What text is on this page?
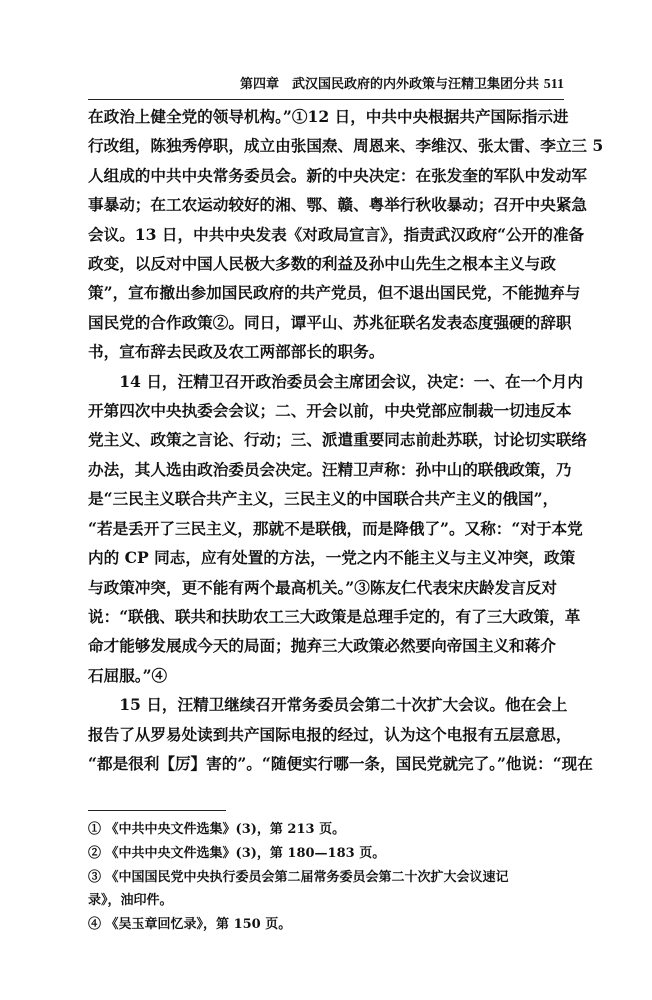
第四章　武汉国民政府的内外政策与汪精卫集团分共 511

在政治上健全党的领导机构。”①12 日，中共中央根据共产国际指示进
行改组，陈独秀停职，成立由张国焘、周恩来、李维汉、张太雷、李立三 5
人组成的中共中央常务委员会。新的中央决定：在张发奎的军队中发动军
事暴动；在工农运动较好的湘、鄂、赣、粤举行秋收暴动；召开中央紧急
会议。13 日，中共中央发表《对政局宣言》，指责武汉政府“公开的准备
政变，以反对中国人民极大多数的利益及孙中山先生之根本主义与政
策”，宣布撤出参加国民政府的共产党员，但不退出国民党，不能抛弃与
国民党的合作政策②。同日，谭平山、苏兆征联名发表态度强硬的辞职
书，宣布辞去民政及农工两部部长的职务。

　　14 日，汪精卫召开政治委员会主席团会议，决定：一、在一个月内
开第四次中央执委会会议；二、开会以前，中央党部应制裁一切违反本
党主义、政策之言论、行动；三、派遣重要同志前赴苏联，讨论切实联络
办法，其人选由政治委员会决定。汪精卫声称：孙中山的联俄政策，乃
是“三民主义联合共产主义，三民主义的中国联合共产主义的俄国”，
“若是丢开了三民主义，那就不是联俄，而是降俄了”。又称：“对于本党
内的 CP 同志，应有处置的方法，一党之内不能主义与主义冲突，政策
与政策冲突，更不能有两个最高机关。”③陈友仁代表宋庆龄发言反对
说：“联俄、联共和扶助农工三大政策是总理手定的，有了三大政策，革
命才能够发展成今天的局面；抛弃三大政策必然要向帝国主义和蒋介
石屈服。”④

　　15 日，汪精卫继续召开常务委员会第二十次扩大会议。他在会上
报告了从罗易处读到共产国际电报的经过，认为这个电报有五层意思，
“都是很利【厉】害的”。“随便实行哪一条，国民党就完了。”他说：“现在

① 《中共中央文件选集》(3)，第 213 页。
② 《中共中央文件选集》(3)，第 180—183 页。
③ 《中国国民党中央执行委员会第二届常务委员会第二十次扩大会议速记
录》，油印件。
④ 《吴玉章回忆录》，第 150 页。
